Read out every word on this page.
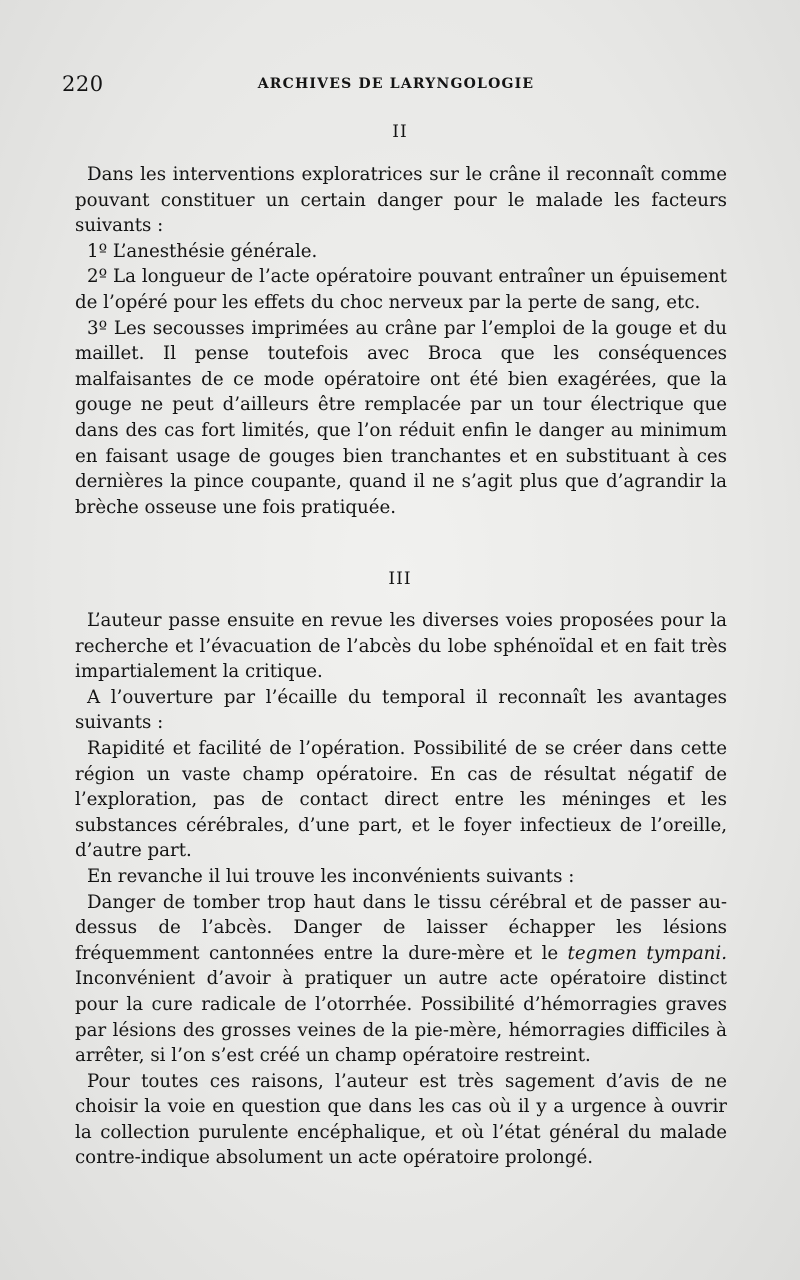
220	ARCHIVES DE LARYNGOLOGIE
II

Dans les interventions exploratrices sur le crâne il reconnaît comme pouvant constituer un certain danger pour le malade les facteurs suivants :

1º L’anesthésie générale.

2º La longueur de l’acte opératoire pouvant entraîner un épuisement de l’opéré pour les effets du choc nerveux par la perte de sang, etc.

3º Les secousses imprimées au crâne par l’emploi de la gouge et du maillet. Il pense toutefois avec Broca que les conséquences malfaisantes de ce mode opératoire ont été bien exagérées, que la gouge ne peut d’ailleurs être remplacée par un tour électrique que dans des cas fort limités, que l’on réduit enfin le danger au minimum en faisant usage de gouges bien tranchantes et en substituant à ces dernières la pince coupante, quand il ne s’agit plus que d’agrandir la brèche osseuse une fois pratiquée.

III

L’auteur passe ensuite en revue les diverses voies proposées pour la recherche et l’évacuation de l’abcès du lobe sphénoïdal et en fait très impartialement la critique.

A l’ouverture par l’écaille du temporal il reconnaît les avantages suivants :

Rapidité et facilité de l’opération. Possibilité de se créer dans cette région un vaste champ opératoire. En cas de résultat négatif de l’exploration, pas de contact direct entre les méninges et les substances cérébrales, d’une part, et le foyer infectieux de l’oreille, d’autre part.

En revanche il lui trouve les inconvénients suivants :

Danger de tomber trop haut dans le tissu cérébral et de passer au-dessus de l’abcès. Danger de laisser échapper les lésions fréquemment cantonnées entre la dure-mère et le tegmen tympani. Inconvénient d’avoir à pratiquer un autre acte opératoire distinct pour la cure radicale de l’otorrhée. Possibilité d’hémorragies graves par lésions des grosses veines de la pie-mère, hémorragies difficiles à arrêter, si l’on s’est créé un champ opératoire restreint.

Pour toutes ces raisons, l’auteur est très sagement d’avis de ne choisir la voie en question que dans les cas où il y a urgence à ouvrir la collection purulente encéphalique, et où l’état général du malade contre-indique absolument un acte opératoire prolongé.
